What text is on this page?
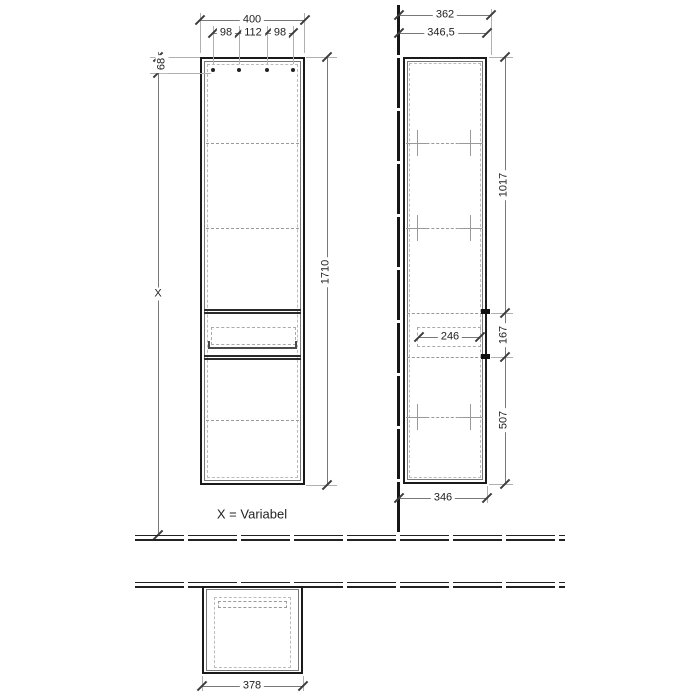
400
98 112 98
68
X
1710
246
362
346,5
1017
167
507
346
X = Variabel
378
